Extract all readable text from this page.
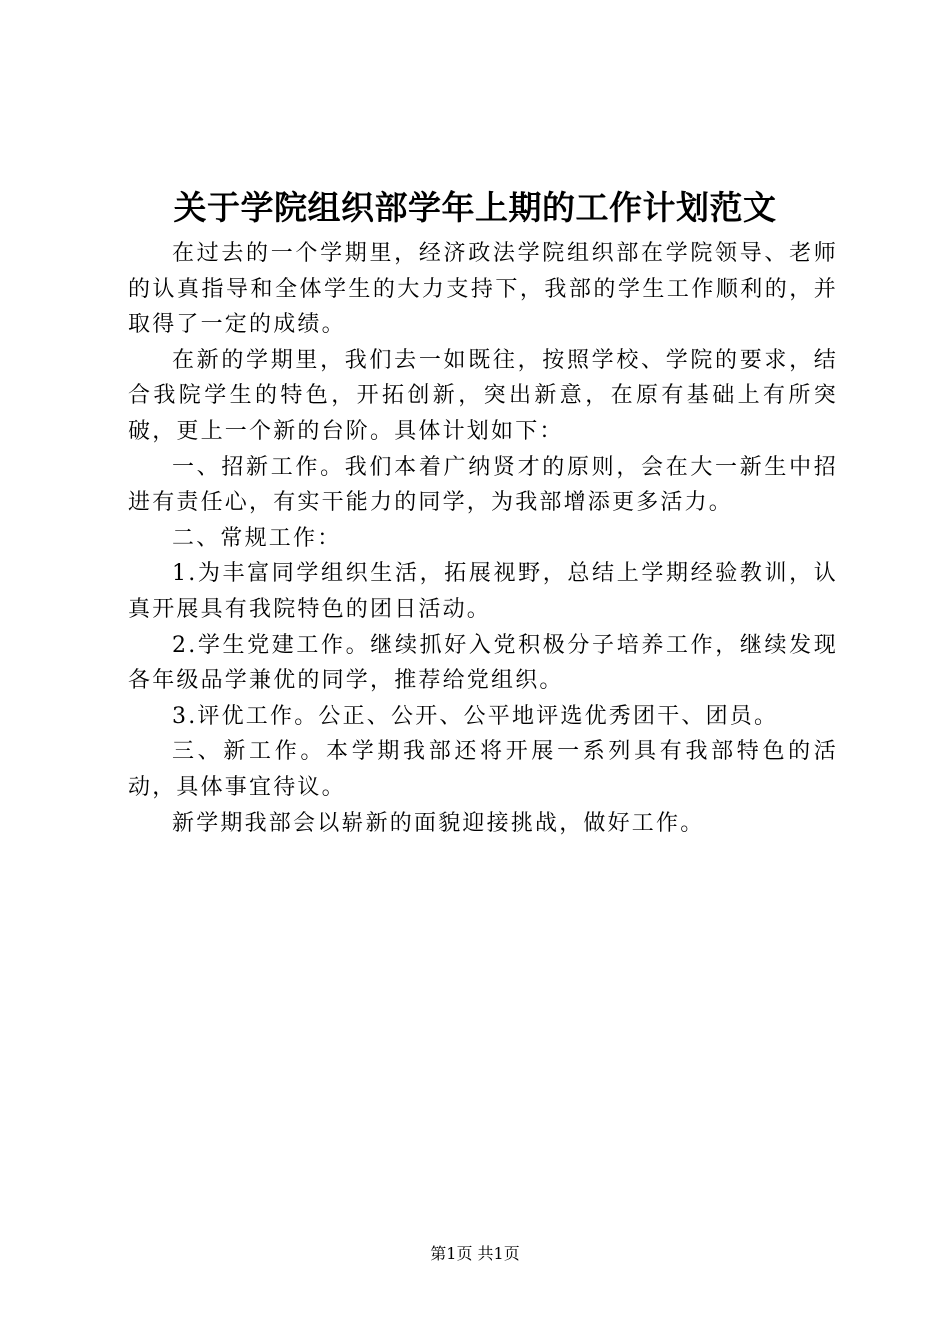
关于学院组织部学年上期的工作计划范文

在过去的一个学期里，经济政法学院组织部在学院领导、老师的认真指导和全体学生的大力支持下，我部的学生工作顺利的，并取得了一定的成绩。

在新的学期里，我们去一如既往，按照学校、学院的要求，结合我院学生的特色，开拓创新，突出新意，在原有基础上有所突破，更上一个新的台阶。具体计划如下：

一、招新工作。我们本着广纳贤才的原则，会在大一新生中招进有责任心，有实干能力的同学，为我部增添更多活力。

二、常规工作：

1.为丰富同学组织生活，拓展视野，总结上学期经验教训，认真开展具有我院特色的团日活动。

2.学生党建工作。继续抓好入党积极分子培养工作，继续发现各年级品学兼优的同学，推荐给党组织。

3.评优工作。公正、公开、公平地评选优秀团干、团员。

三、新工作。本学期我部还将开展一系列具有我部特色的活动，具体事宜待议。

新学期我部会以崭新的面貌迎接挑战，做好工作。

第1页 共1页
